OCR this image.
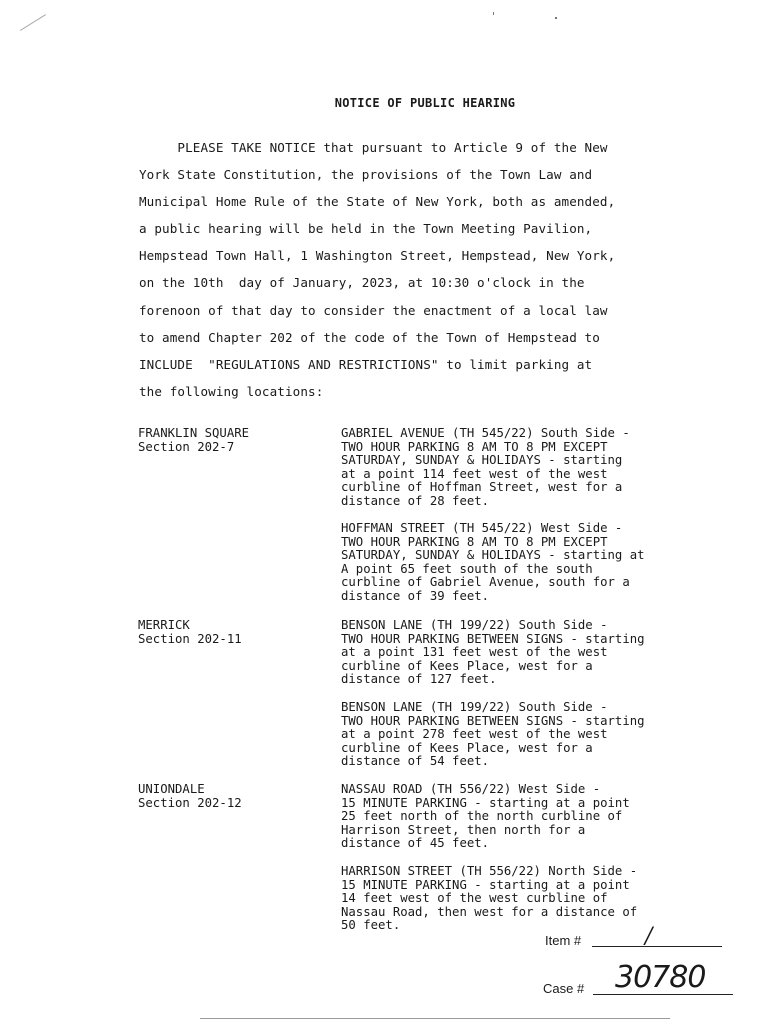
NOTICE OF PUBLIC HEARING
PLEASE TAKE NOTICE that pursuant to Article 9 of the New
York State Constitution, the provisions of the Town Law and
Municipal Home Rule of the State of New York, both as amended,
a public hearing will be held in the Town Meeting Pavilion,
Hempstead Town Hall, 1 Washington Street, Hempstead, New York,
on the 10th  day of January, 2023, at 10:30 o'clock in the
forenoon of that day to consider the enactment of a local law
to amend Chapter 202 of the code of the Town of Hempstead to
INCLUDE  "REGULATIONS AND RESTRICTIONS" to limit parking at
the following locations:
FRANKLIN SQUARE
Section 202-7
GABRIEL AVENUE (TH 545/22) South Side -
TWO HOUR PARKING 8 AM TO 8 PM EXCEPT
SATURDAY, SUNDAY & HOLIDAYS - starting
at a point 114 feet west of the west
curbline of Hoffman Street, west for a
distance of 28 feet.
HOFFMAN STREET (TH 545/22) West Side -
TWO HOUR PARKING 8 AM TO 8 PM EXCEPT
SATURDAY, SUNDAY & HOLIDAYS - starting at
A point 65 feet south of the south
curbline of Gabriel Avenue, south for a
distance of 39 feet.
MERRICK
Section 202-11
BENSON LANE (TH 199/22) South Side -
TWO HOUR PARKING BETWEEN SIGNS - starting
at a point 131 feet west of the west
curbline of Kees Place, west for a
distance of 127 feet.
BENSON LANE (TH 199/22) South Side -
TWO HOUR PARKING BETWEEN SIGNS - starting
at a point 278 feet west of the west
curbline of Kees Place, west for a
distance of 54 feet.
UNIONDALE
Section 202-12
NASSAU ROAD (TH 556/22) West Side -
15 MINUTE PARKING - starting at a point
25 feet north of the north curbline of
Harrison Street, then north for a
distance of 45 feet.
HARRISON STREET (TH 556/22) North Side -
15 MINUTE PARKING - starting at a point
14 feet west of the west curbline of
Nassau Road, then west for a distance of
50 feet.
Item #	/
Case # 30780
